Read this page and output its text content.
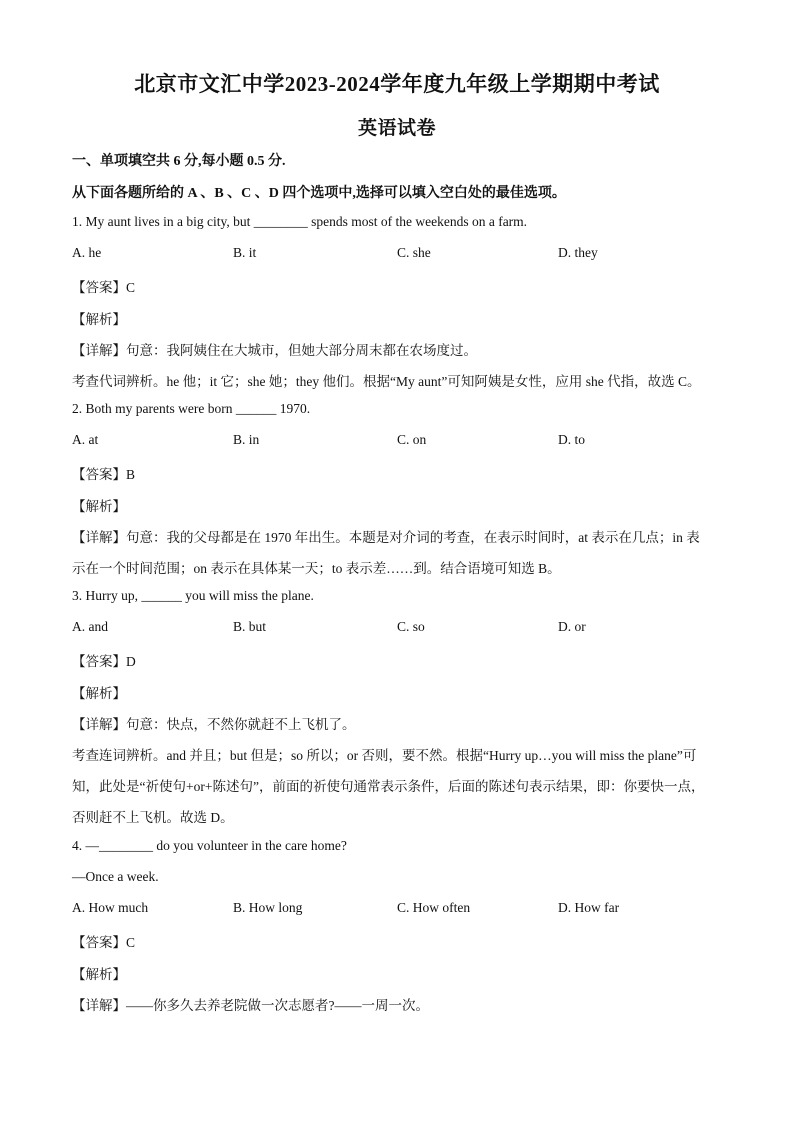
北京市文汇中学2023-2024学年度九年级上学期期中考试
英语试卷
一、单项填空共 6 分,每小题 0.5 分.
从下面各题所给的 A 、B 、C 、D 四个选项中,选择可以填入空白处的最佳选项。
1. My aunt lives in a big city, but ________ spends most of the weekends on a farm.
A. he	B. it	C. she	D. they
【答案】C
【解析】
【详解】句意：我阿姨住在大城市，但她大部分周末都在农场度过。
考查代词辨析。he 他；it 它；she 她；they 他们。根据“My aunt”可知阿姨是女性，应用 she 代指，故选 C。
2. Both my parents were born ______ 1970.
A. at	B. in	C. on	D. to
【答案】B
【解析】
【详解】句意：我的父母都是在 1970 年出生。本题是对介词的考查，在表示时间时，at 表示在几点；in 表
示在一个时间范围；on 表示在具体某一天；to 表示差……到。结合语境可知选 B。
3. Hurry up, ______ you will miss the plane.
A. and	B. but	C. so	D. or
【答案】D
【解析】
【详解】句意：快点，不然你就赶不上飞机了。
考查连词辨析。and 并且；but 但是；so 所以；or 否则，要不然。根据“Hurry up…you will miss the plane”可
知，此处是“祈使句+or+陈述句”，前面的祈使句通常表示条件，后面的陈述句表示结果，即：你要快一点，
否则赶不上飞机。故选 D。
4. —________ do you volunteer in the care home?
—Once a week.
A. How much	B. How long	C. How often	D. How far
【答案】C
【解析】
【详解】——你多久去养老院做一次志愿者?——一周一次。
